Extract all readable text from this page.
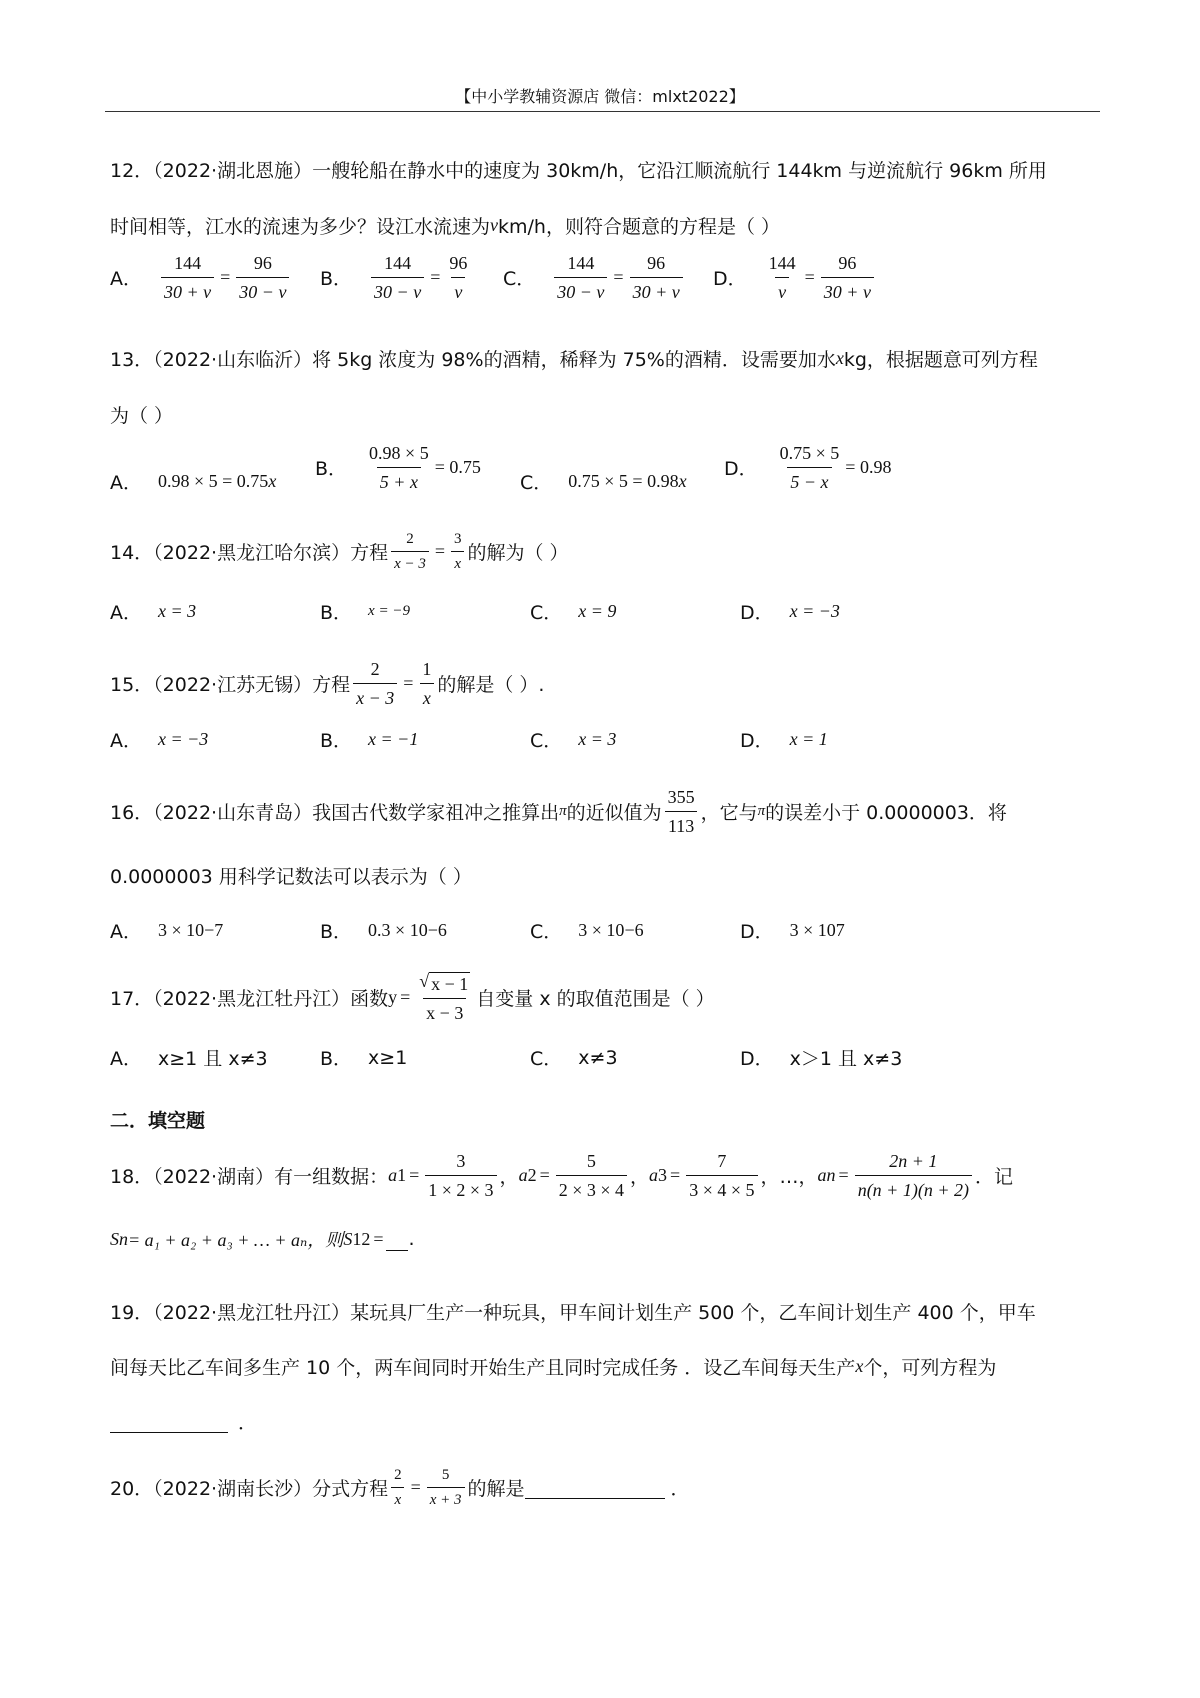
【中小学教辅资源店 微信：mlxt2022】
12．（2022·湖北恩施）一艘轮船在静水中的速度为 30km/h，它沿江顺流航行 144km 与逆流航行 96km 所用
时间相等，江水的流速为多少？设江水流速为 v km/h，则符合题意的方程是（ ）
A． $\frac{144}{30 + v} = \frac{96}{30 - v}$ B． $\frac{144}{30 - v} = \frac{96}{v}$ C． $\frac{144}{30 - v} = \frac{96}{30 + v}$ D． $\frac{144}{v} = \frac{96}{30 + v}$
13．（2022·山东临沂）将 5kg 浓度为 98%的酒精，稀释为 75%的酒精．设需要加水 x kg，根据题意可列方程
为（ ）
A． 0.98 × 5 = 0.75 x
B． $\frac{0.98 \times 5}{5 + x} = 0.75$
C． 0.75 × 5 = 0.98 x
D． $\frac{0.75 \times 5}{5 - x} = 0.98$
14．（2022·黑龙江哈尔滨）方程 $\frac{2}{x - 3} = \frac{3}{x}$ 的解为（ ）
A． x = 3	B． x = −9	C． x = 9	D． x = −3
15．（2022·江苏无锡）方程 $\frac{2}{x - 3} = \frac{1}{x}$ 的解是（ ）.
A． x = −3	B． x = −1	C． x = 3	D． x = 1
16．（2022·山东青岛）我国古代数学家祖冲之推算出 π 的近似值为 $\frac{355}{113}$ ，它与 π 的误差小于 0.0000003．将
0.0000003 用科学记数法可以表示为（ ）
A． 3 × 10 −7	B． 0.3 × 10 −6	C． 3 × 10 −6	D． 3 × 10 7
17．（2022·黑龙江牡丹江）函数 $y = \frac{√ x - 1}{x - 3}$ 自变量 x 的取值范围是（ ）
A． x≥1 且 x≠3	B． x≥1	C． x≠3	D． x＞1 且 x≠3
二．填空题
18．（2022·湖南）有一组数据： a $1 = \frac{3}{1 \times 2 \times 3}$ ， a $2 = \frac{5}{2 \times 3 \times 4}$ ， a $3 = \frac{7}{3 \times 4 \times 5}$ ，…， a $n = \frac{2n + 1}{n(n + 1)(n + 2)}$ ．记
S n = a₁ + a₂ + a₃ + … + aₙ，则 S 12 =
.
19．（2022·黑龙江牡丹江）某玩具厂生产一种玩具，甲车间计划生产 500 个，乙车间计划生产 400 个，甲车
间每天比乙车间多生产 10 个，两车间同时开始生产且同时完成任务 ．设乙车间每天生产 x 个，可列方程为

．
20．（2022·湖南长沙）分式方程 $\frac{2}{x} = \frac{5}{x + 3}$ 的解是
	．
